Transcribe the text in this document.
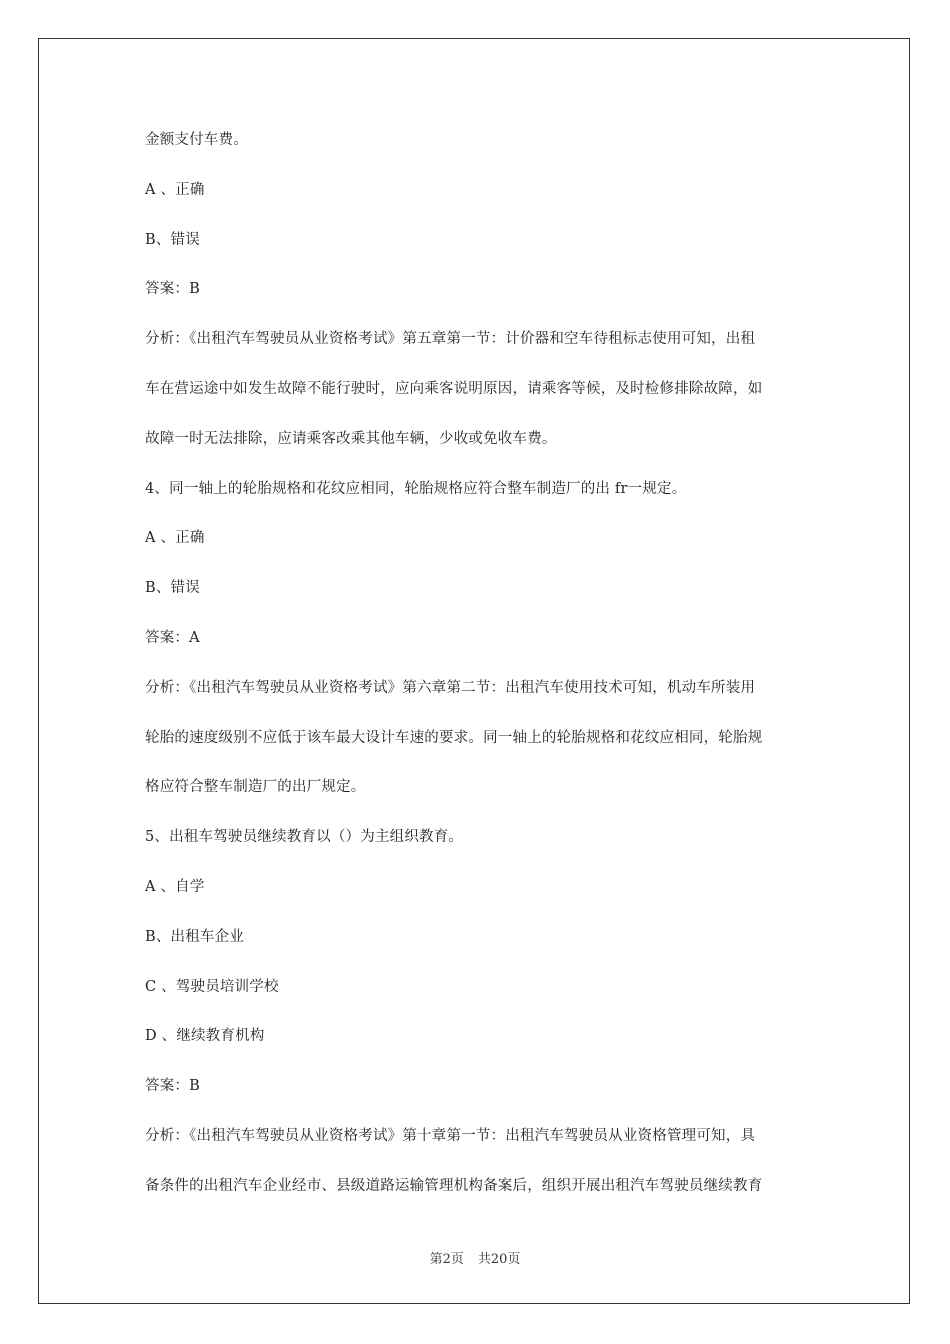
金额支付车费。
A 、正确
B、错误
答案：B
分析：《出租汽车驾驶员从业资格考试》第五章第一节：计价器和空车待租标志使用可知，出租
车在营运途中如发生故障不能行驶时，应向乘客说明原因，请乘客等候，及时检修排除故障，如
故障一时无法排除，应请乘客改乘其他车辆，少收或免收车费。
4、同一轴上的轮胎规格和花纹应相同，轮胎规格应符合整车制造厂的出 fr一规定。
A 、正确
B、错误
答案：A
分析：《出租汽车驾驶员从业资格考试》第六章第二节：出租汽车使用技术可知，机动车所装用
轮胎的速度级别不应低于该车最大设计车速的要求。同一轴上的轮胎规格和花纹应相同，轮胎规
格应符合整车制造厂的出厂规定。
5、出租车驾驶员继续教育以（）为主组织教育。
A 、自学
B、出租车企业
C 、驾驶员培训学校
D 、继续教育机构
答案：B
分析：《出租汽车驾驶员从业资格考试》第十章第一节：出租汽车驾驶员从业资格管理可知，具
备条件的出租汽车企业经市、县级道路运输管理机构备案后，组织开展出租汽车驾驶员继续教育
第2页 共20页
